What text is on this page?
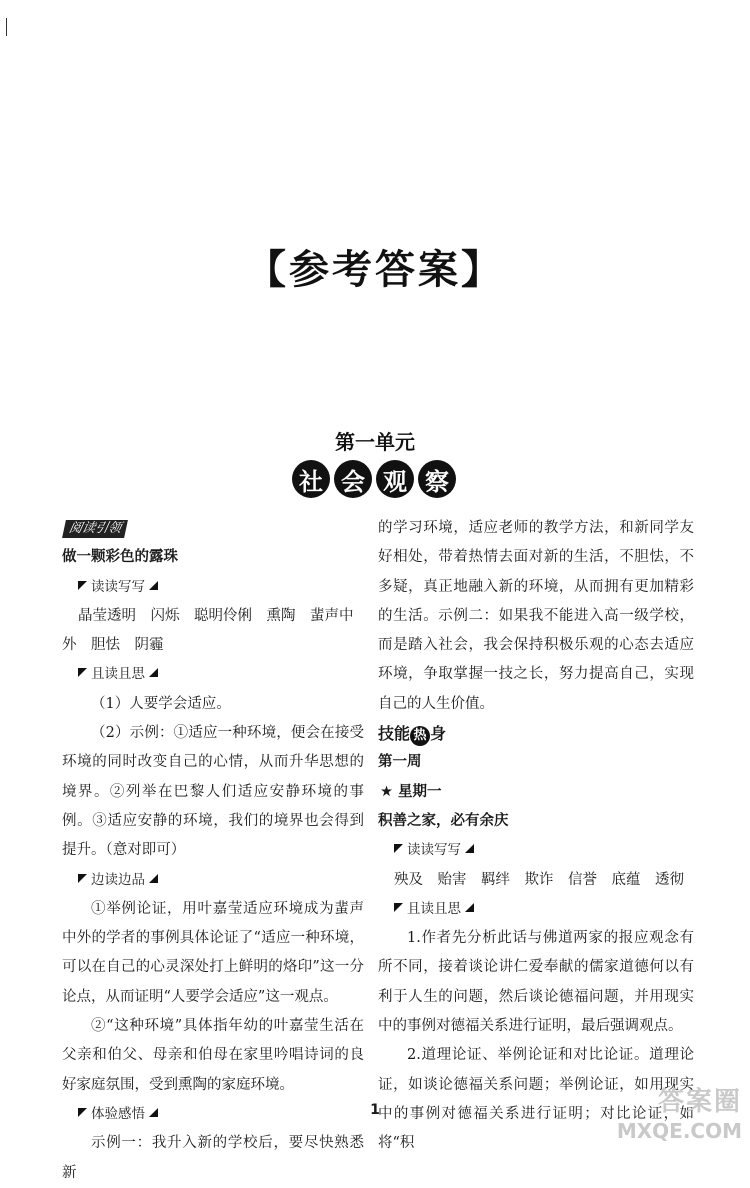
【参考答案】
第一单元
社 会 观 察

阅读引领

做一颗彩色的露珠

读读写写

晶莹透明　闪烁　聪明伶俐　熏陶　蜚声中

外　胆怯　阴霾

且读且思

（1）人要学会适应。

（2）示例：①适应一种环境，便会在接受环境的同时改变自己的心情，从而升华思想的境界。②列举在巴黎人们适应安静环境的事例。③适应安静的环境，我们的境界也会得到提升。（意对即可）

边读边品

①举例论证，用叶嘉莹适应环境成为蜚声中外的学者的事例具体论证了“适应一种环境，可以在自己的心灵深处打上鲜明的烙印”这一分论点，从而证明“人要学会适应”这一观点。

②“这种环境”具体指年幼的叶嘉莹生活在父亲和伯父、母亲和伯母在家里吟唱诗词的良好家庭氛围，受到熏陶的家庭环境。

体验感悟

示例一：我升入新的学校后，要尽快熟悉新

的学习环境，适应老师的教学方法，和新同学友好相处，带着热情去面对新的生活，不胆怯，不多疑，真正地融入新的环境，从而拥有更加精彩的生活。示例二：如果我不能进入高一级学校，而是踏入社会，我会保持积极乐观的心态去适应环境，争取掌握一技之长，努力提高自己，实现自己的人生价值。

技能 热 身

第一周

★ 星期一

积善之家，必有余庆

读读写写

殃及　贻害　羁绊　欺诈　信誉　底蕴　透彻

且读且思

1.作者先分析此话与佛道两家的报应观念有所不同，接着谈论讲仁爱奉献的儒家道德何以有利于人生的问题，然后谈论德福问题，并用现实中的事例对德福关系进行证明，最后强调观点。

2.道理论证、举例论证和对比论证。道理论证，如谈论德福关系问题；举例论证，如用现实中的事例对德福关系进行证明；对比论证，如将“积

1	答案圈
MXQE.COM
